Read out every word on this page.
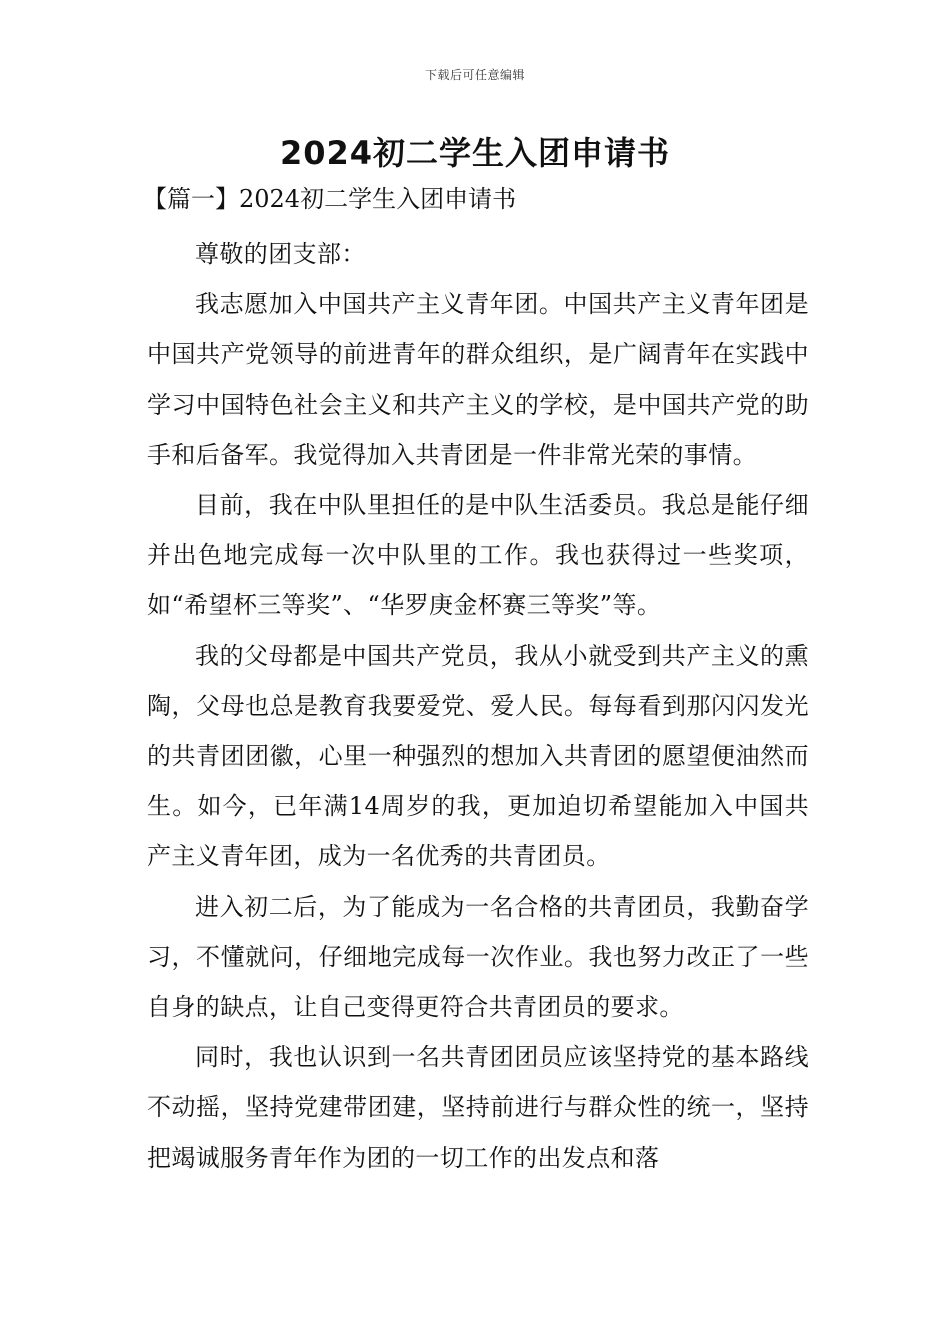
下载后可任意编辑
2024初二学生入团申请书
【篇一】2024初二学生入团申请书

尊敬的团支部：

我志愿加入中国共产主义青年团。中国共产主义青年团是中国共产党领导的前进青年的群众组织，是广阔青年在实践中学习中国特色社会主义和共产主义的学校，是中国共产党的助手和后备军。我觉得加入共青团是一件非常光荣的事情。

目前，我在中队里担任的是中队生活委员。我总是能仔细并出色地完成每一次中队里的工作。我也获得过一些奖项，如“希望杯三等奖”、“华罗庚金杯赛三等奖”等。

我的父母都是中国共产党员，我从小就受到共产主义的熏陶，父母也总是教育我要爱党、爱人民。每每看到那闪闪发光的共青团团徽，心里一种强烈的想加入共青团的愿望便油然而生。如今，已年满14周岁的我，更加迫切希望能加入中国共产主义青年团，成为一名优秀的共青团员。

进入初二后，为了能成为一名合格的共青团员，我勤奋学习，不懂就问，仔细地完成每一次作业。我也努力改正了一些自身的缺点，让自己变得更符合共青团员的要求。

同时，我也认识到一名共青团团员应该坚持党的基本路线不动摇，坚持党建带团建，坚持前进行与群众性的统一，坚持把竭诚服务青年作为团的一切工作的出发点和落
